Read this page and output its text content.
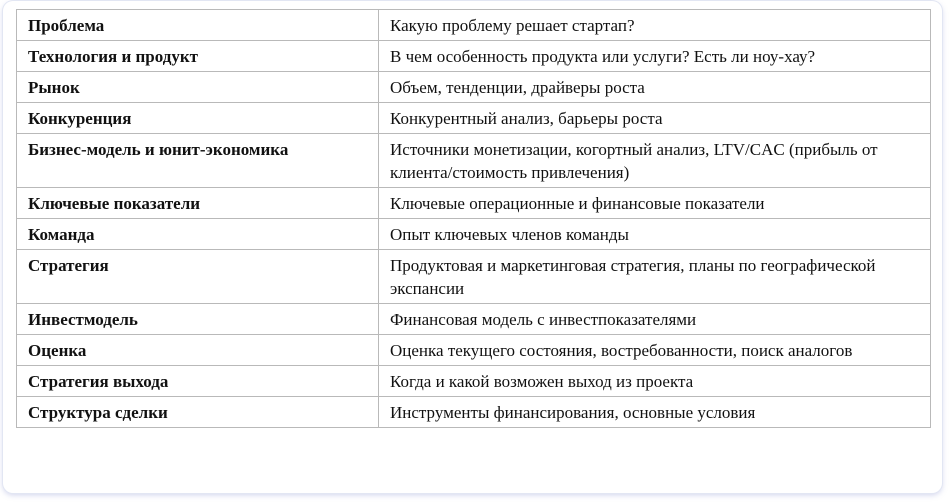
Проблема	Какую проблему решает стартап?
Технология и продукт	В чем особенность продукта или услуги? Есть ли ноу-хау?
Рынок	Объем, тенденции, драйверы роста
Конкуренция	Конкурентный анализ, барьеры роста
Бизнес-модель и юнит-экономика	Источники монетизации, когортный анализ, LTV/CAC (прибыль от клиента/стоимость привлечения)
Ключевые показатели	Ключевые операционные и финансовые показатели
Команда	Опыт ключевых членов команды
Стратегия	Продуктовая и маркетинговая стратегия, планы по географической экспансии
Инвестмодель	Финансовая модель с инвестпоказателями
Оценка	Оценка текущего состояния, востребованности, поиск аналогов
Стратегия выхода	Когда и какой возможен выход из проекта
Структура сделки	Инструменты финансирования, основные условия
